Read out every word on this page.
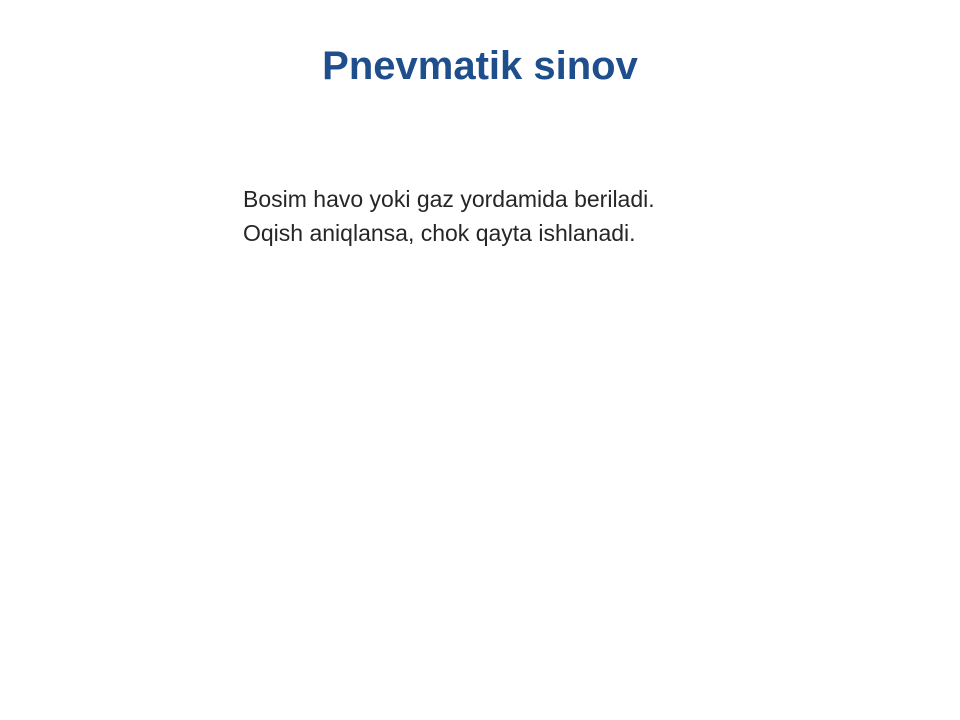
Pnevmatik sinov

Bosim havo yoki gaz yordamida beriladi.

Oqish aniqlansa, chok qayta ishlanadi.
